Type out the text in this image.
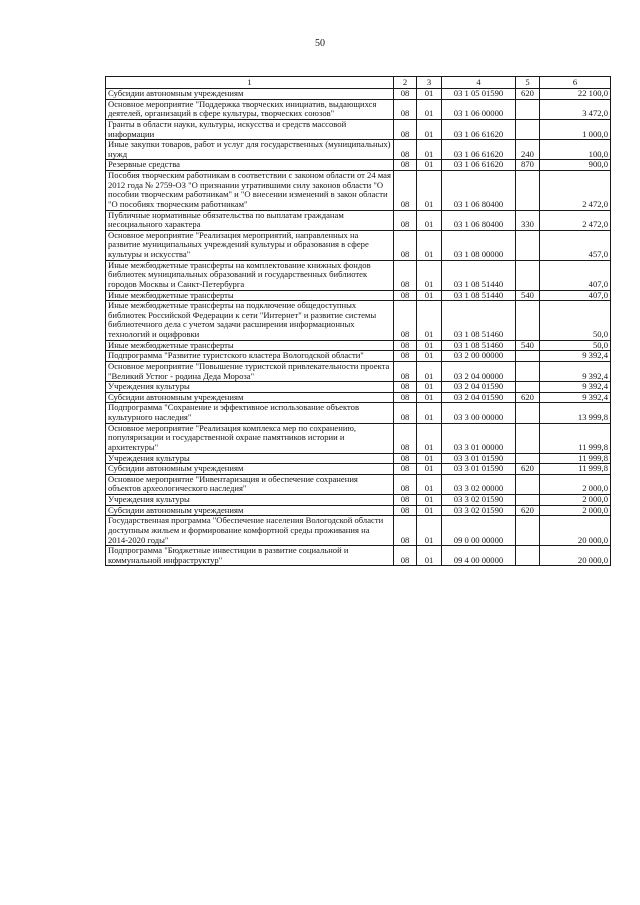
50
1	2	3	4	5	6
Субсидии автономным учреждениям	08	01	03 1 05 01590	620	22 100,0
Основное мероприятие "Поддержка творческих инициатив, выдающихся деятелей, организаций в сфере культуры, творческих союзов"	08	01	03 1 06 00000		3 472,0
Гранты в области науки, культуры, искусства и средств массовой информации	08	01	03 1 06 61620		1 000,0
Иные закупки товаров, работ и услуг для государственных (муниципальных) нужд	08	01	03 1 06 61620	240	100,0
Резервные средства	08	01	03 1 06 61620	870	900,0
Пособия творческим работникам в соответствии с законом области от 24 мая 2012 года № 2759-ОЗ "О признании утратившими силу законов области "О пособии творческим работникам" и "О внесении изменений в закон области "О пособиях творческим работникам"	08	01	03 1 06 80400		2 472,0
Публичные нормативные обязательства по выплатам гражданам несоциального характера	08	01	03 1 06 80400	330	2 472,0
Основное мероприятие "Реализация мероприятий, направленных на развитие муниципальных учреждений культуры и образования в сфере культуры и искусства"	08	01	03 1 08 00000		457,0
Иные межбюджетные трансферты на комплектование книжных фондов библиотек муниципальных образований и государственных библиотек городов Москвы и Санкт-Петербурга	08	01	03 1 08 51440		407,0
Иные межбюджетные трансферты	08	01	03 1 08 51440	540	407,0
Иные межбюджетные трансферты на подключение общедоступных библиотек Российской Федерации к сети "Интернет" и развитие системы библиотечного дела с учетом задачи расширения информационных технологий и оцифровки	08	01	03 1 08 51460		50,0
Иные межбюджетные трансферты	08	01	03 1 08 51460	540	50,0
Подпрограмма "Развитие туристского кластера Вологодской области"	08	01	03 2 00 00000		9 392,4
Основное мероприятие "Повышение туристской привлекательности проекта "Великий Устюг - родина Деда Мороза"	08	01	03 2 04 00000		9 392,4
Учреждения культуры	08	01	03 2 04 01590		9 392,4
Субсидии автономным учреждениям	08	01	03 2 04 01590	620	9 392,4
Подпрограмма "Сохранение и эффективное использование объектов культурного наследия"	08	01	03 3 00 00000		13 999,8
Основное мероприятие "Реализация комплекса мер по сохранению, популяризации и государственной охране памятников истории и архитектуры"	08	01	03 3 01 00000		11 999,8
Учреждения культуры	08	01	03 3 01 01590		11 999,8
Субсидии автономным учреждениям	08	01	03 3 01 01590	620	11 999,8
Основное мероприятие "Инвентаризация и обеспечение сохранения объектов археологического наследия"	08	01	03 3 02 00000		2 000,0
Учреждения культуры	08	01	03 3 02 01590		2 000,0
Субсидии автономным учреждениям	08	01	03 3 02 01590	620	2 000,0
Государственная программа "Обеспечение населения Вологодской области доступным жильем и формирование комфортной среды проживания на 2014-2020 годы"	08	01	09 0 00 00000		20 000,0
Подпрограмма "Бюджетные инвестиции в развитие социальной и коммунальной инфраструктур"	08	01	09 4 00 00000		20 000,0
